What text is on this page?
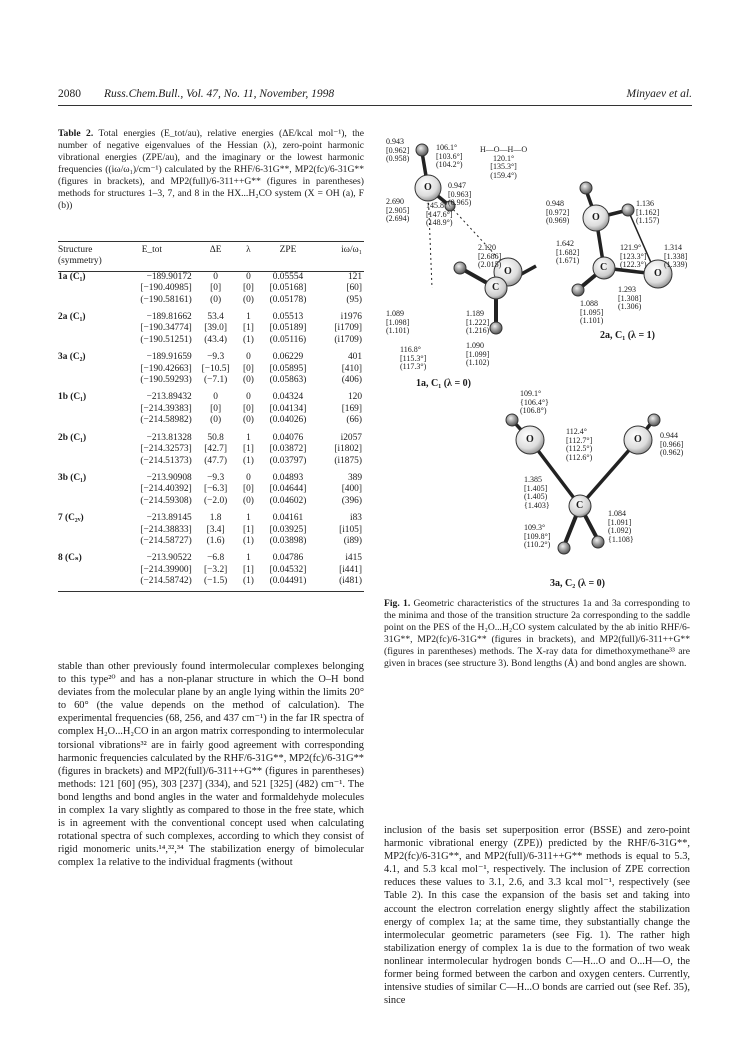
2080 Russ.Chem.Bull., Vol. 47, No. 11, November, 1998	Minyaev et al.
Table 2. Total energies (E_tot/au), relative energies (ΔE/kcal mol⁻¹), the number of negative eigenvalues of the Hessian (λ), zero-point harmonic vibrational energies (ZPE/au), and the imaginary or the lowest harmonic frequencies ((iω/ω₁)/cm⁻¹) calculated by the RHF/6-31G**, MP2(fc)/6-31G** (figures in brackets), and MP2(full)/6-311++G** (figures in parentheses) methods for structures 1–3, 7, and 8 in the HX...H₂CO system (X = OH (a), F (b))
Structure (symmetry)	E_tot	ΔE	λ	ZPE	iω/ω₁
1a (C₁)	−189.90172	0	0	0.05554	121
	[−190.40985]	[0]	[0]	[0.05168]	[60]
	(−190.58161)	(0)	(0)	(0.05178)	(95)
2a (C₁)	−189.81662	53.4	1	0.05513	i1976
	[−190.34774]	[39.0]	[1]	[0.05189]	[i1709]
	(−190.51251)	(43.4)	(1)	(0.05116)	(i1709)
3a (C₂)	−189.91659	−9.3	0	0.06229	401
	[−190.42663]	[−10.5]	[0]	[0.05895]	[410]
	(−190.59293)	(−7.1)	(0)	(0.05863)	(406)
1b (C₁)	−213.89432	0	0	0.04324	120
	[−214.39383]	[0]	[0]	[0.04134]	[169]
	(−214.58982)	(0)	(0)	(0.04026)	(66)
2b (C₁)	−213.81328	50.8	1	0.04076	i2057
	[−214.32573]	[42.7]	[1]	[0.03872]	[i1802]
	(−214.51373)	(47.7)	(1)	(0.03797)	(i1875)
3b (C₁)	−213.90908	−9.3	0	0.04893	389
	[−214.40392]	[−6.3]	[0]	[0.04644]	[400]
	(−214.59308)	(−2.0)	(0)	(0.04602)	(396)
7 (C₂ᵥ)	−213.89145	1.8	1	0.04161	i83
	[−214.38833]	[3.4]	[1]	[0.03925]	[i105]
	(−214.58727)	(1.6)	(1)	(0.03898)	(i89)
8 (Cₛ)	−213.90522	−6.8	1	0.04786	i415
	[−214.39900]	[−3.2]	[1]	[0.04532]	[i441]
	(−214.58742)	(−1.5)	(1)	(0.04491)	(i481)
stable than other previously found intermolecular complexes belonging to this type²⁰ and has a non-planar structure in which the O–H bond deviates from the molecular plane by an angle lying within the limits 20° to 60° (the value depends on the method of calculation). The experimental frequencies (68, 256, and 437 cm⁻¹) in the far IR spectra of complex H₂O...H₂CO in an argon matrix corresponding to intermolecular torsional vibrations³² are in fairly good agreement with corresponding harmonic frequencies calculated by the RHF/6-31G**, MP2(fc)/6-31G** (figures in brackets) and MP2(full)/6-311++G** (figures in parentheses) methods: 121 [60] (95), 303 [237] (334), and 521 [325] (482) cm⁻¹. The bond lengths and bond angles in the water and formaldehyde molecules in complex 1a vary slightly as compared to those in the free state, which is in agreement with the conventional concept used when calculating rotational spectra of such complexes, according to which they consist of rigid monomeric units.¹⁴,³²,³⁴ The stabilization energy of bimolecular complex 1a relative to the individual fragments (without
O
O
C
O
C
O
O	O
C
0.943
[0.962]
(0.958)
106.1°
[103.6°]
(104.2°)
H—O—H—O
120.1°
[135.3°]
(159.4°)
0.947
[0.963]
(0.965)
2.690
[2.905]
(2.694)
145.8°
[147.6°]
(148.9°)
2.120
[2.686]
(2.015)
1.089
[1.098]
(1.101)
1.189
[1.222]
(1.216)
116.8°
[115.3°]
(117.3°)
1.090
[1.099]
(1.102)
1a, C₁ (λ = 0)
0.948
[0.972]
(0.969)
1.136
[1.162]
(1.157)
1.642
[1.682]
(1.671)
121.9°
[123.3°]
(122.3°)
1.314
[1.338]
(1.339)
1.293
[1.308]
(1.306)
1.088
[1.095]
(1.101)
2a, C₁ (λ = 1)
109.1°
{106.4°}
(106.8°)
0.944
[0.966]
(0.962)
112.4°
[112.7°]
(112.5°)
(112.6°)
1.385
[1.405]
(1.405)
{1.403}
1.084
[1.091]
(1.092)
{1.108}
109.3°
[109.8°]
(110.2°)
3a, C₂ (λ = 0)
Fig. 1. Geometric characteristics of the structures 1a and 3a corresponding to the minima and those of the transition structure 2a corresponding to the saddle point on the PES of the H₂O...H₂CO system calculated by the ab initio RHF/6-31G**, MP2(fc)/6-31G** (figures in brackets), and MP2(full)/6-311++G** (figures in parentheses) methods. The X-ray data for dimethoxymethane³³ are given in braces (see structure 3). Bond lengths (Å) and bond angles are shown.
inclusion of the basis set superposition error (BSSE) and zero-point harmonic vibrational energy (ZPE)) predicted by the RHF/6-31G**, MP2(fc)/6-31G**, and MP2(full)/6-311++G** methods is equal to 5.3, 4.1, and 5.3 kcal mol⁻¹, respectively. The inclusion of ZPE correction reduces these values to 3.1, 2.6, and 3.3 kcal mol⁻¹, respectively (see Table 2). In this case the expansion of the basis set and taking into account the electron correlation energy slightly affect the stabilization energy of complex 1a; at the same time, they substantially change the intermolecular geometric parameters (see Fig. 1). The rather high stabilization energy of complex 1a is due to the formation of two weak nonlinear intermolecular hydrogen bonds C—H...O and O...H—O, the former being formed between the carbon and oxygen centers. Currently, intensive studies of similar C—H...O bonds are carried out (see Ref. 35), since
